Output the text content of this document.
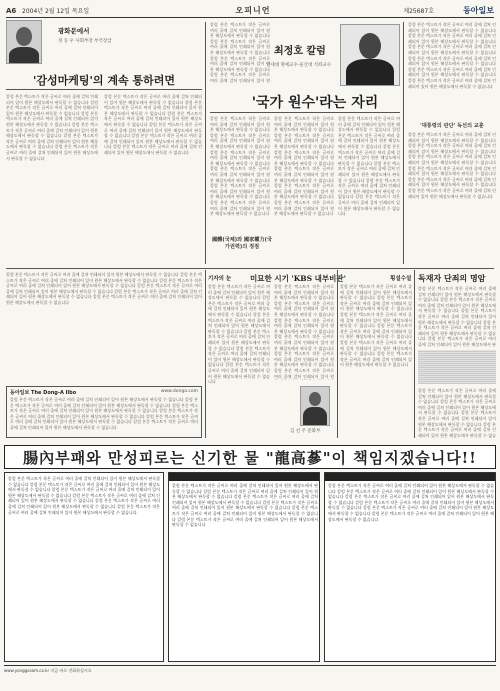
A6 2004년 2월 12일 목요일	오피니언	제25687호	동아일보
광화문에서
정 동 우 사회부장 부국장급
'감성마케팅'의 계속 통하려면
칼럼 본문 텍스트가 작은 글씨로 여러 줄에 걸쳐 인쇄되어 있어 원본 해상도에서 판독할 수 없습니다 칼럼 본문 텍스트가 작은 글씨로 여러 줄에 걸쳐 인쇄되어 있어 원본 해상도에서 판독할 수 없습니다 칼럼 본문 텍스트가 작은 글씨로 여러 줄에 걸쳐 인쇄되어 있어 원본 해상도에서 판독할 수 없습니다 칼럼 본문 텍스트가 작은 글씨로 여러 줄에 걸쳐 인쇄되어 있어 원본 해상도에서 판독할 수 없습니다 칼럼 본문 텍스트가 작은 글씨로 여러 줄에 걸쳐 인쇄되어 있어 원본 해상도에서 판독할 수 없습니다 칼럼 본문 텍스트가 작은 글씨로 여러 줄에 걸쳐 인쇄되어 있어 원본 해상도에서 판독할 수 없습니다
칼럼 본문 텍스트가 작은 글씨로 여러 줄에 걸쳐 인쇄되어 있어 원본 해상도에서 판독할 수 없습니다 칼럼 본문 텍스트가 작은 글씨로 여러 줄에 걸쳐 인쇄되어 있어 원본 해상도에서 판독할 수 없습니다 칼럼 본문 텍스트가 작은 글씨로 여러 줄에 걸쳐 인쇄되어 있어 원본 해상도에서 판독할 수 없습니다 칼럼 본문 텍스트가 작은 글씨로 여러 줄에 걸쳐 인쇄되어 있어 원본 해상도에서 판독할 수 없습니다 칼럼 본문 텍스트가 작은 글씨로 여러 줄에 걸쳐 인쇄되어 있어 원본 해상도에서 판독할 수 없습니다 칼럼 본문 텍스트가 작은 글씨로 여러 줄에 걸쳐 인쇄되어 있어 원본 해상도에서 판독할 수 없습니다
칼럼 본문 텍스트가 작은 글씨로 여러 줄에 걸쳐 인쇄되어 있어 원본 해상도에서 판독할 수 없습니다 칼럼 본문 텍스트가 작은 글씨로 여러 줄에 걸쳐 인쇄되어 있어 원본 해상도에서 판독할 수 없습니다 칼럼 본문 텍스트가 작은 글씨로 여러 줄에 걸쳐 인쇄되어 있어 원본 해상도에서 판독할 수 없습니다 칼럼 본문 텍스트가 작은 글씨로 여러 줄에 걸쳐 인쇄되어 있어 원
최정호 칼럼
연세대 명예교수·울산대 석좌교수
'국가 원수'라는 자리
칼럼 본문 텍스트가 작은 글씨로 여러 줄에 걸쳐 인쇄되어 있어 원본 해상도에서 판독할 수 없습니다 칼럼 본문 텍스트가 작은 글씨로 여러 줄에 걸쳐 인쇄되어 있어 원본 해상도에서 판독할 수 없습니다 칼럼 본문 텍스트가 작은 글씨로 여러 줄에 걸쳐 인쇄되어 있어 원본 해상도에서 판독할 수 없습니다 칼럼 본문 텍스트가 작은 글씨로 여러 줄에 걸쳐 인쇄되어 있어 원본 해상도에서 판독할 수 없습니다 칼럼 본문 텍스트가 작은 글씨로 여러 줄에 걸쳐 인쇄되어 있어 원본 해상도에서 판독할 수 없습니다 칼럼 본문 텍스트가 작은 글씨로 여러 줄에 걸쳐 인쇄되어 있어 원본 해상도에서 판독할 수 없습니다
칼럼 본문 텍스트가 작은 글씨로 여러 줄에 걸쳐 인쇄되어 있어 원본 해상도에서 판독할 수 없습니다 칼럼 본문 텍스트가 작은 글씨로 여러 줄에 걸쳐 인쇄되어 있어 원본 해상도에서 판독할 수 없습니다 칼럼 본문 텍스트가 작은 글씨로 여러 줄에 걸쳐 인쇄되어 있어 원본 해상도에서 판독할 수 없습니다 칼럼 본문 텍스트가 작은 글씨로 여러 줄에 걸쳐 인쇄되어 있어 원본 해상도에서 판독할 수 없습니다 칼럼 본문 텍스트가 작은 글씨로 여러 줄에 걸쳐 인쇄되어 있어 원본 해상도에서 판독할 수 없습니다 칼럼 본문 텍스트가 작은 글씨로 여러 줄에 걸쳐 인쇄되어 있어 원본 해상도에서 판독할 수 없습니다
칼럼 본문 텍스트가 작은 글씨로 여러 줄에 걸쳐 인쇄되어 있어 원본 해상도에서 판독할 수 없습니다 칼럼 본문 텍스트가 작은 글씨로 여러 줄에 걸쳐 인쇄되어 있어 원본 해상도에서 판독할 수 없습니다 칼럼 본문 텍스트가 작은 글씨로 여러 줄에 걸쳐 인쇄되어 있어 원본 해상도에서 판독할 수 없습니다 칼럼 본문 텍스트가 작은 글씨로 여러 줄에 걸쳐 인쇄되어 있어 원본 해상도에서 판독할 수 없습니다 칼럼 본문 텍스트가 작은 글씨로 여러 줄에 걸쳐 인쇄되어 있어 원본 해상도에서 판독할 수 없습니다 칼럼 본문 텍스트가 작은 글씨로 여러 줄에 걸쳐 인쇄되어 있어 원본 해상도에서 판독할 수 없습니다
國體(국체)와 國家權力(국가권력)의 정점
칼럼 본문 텍스트가 작은 글씨로 여러 줄에 걸쳐 인쇄되어 있어 원본 해상도에서 판독할 수 없습니다 칼럼 본문 텍스트가 작은 글씨로 여러 줄에 걸쳐 인쇄되어 있어 원본 해상도에서 판독할 수 없습니다 칼럼 본문 텍스트가 작은 글씨로 여러 줄에 걸쳐 인쇄되어 있어 원본 해상도에서 판독할 수 없습니다 칼럼 본문 텍스트가 작은 글씨로 여러 줄에 걸쳐 인쇄되어 있어 원본 해상도에서 판독할 수 없습니다 칼럼 본문 텍스트가 작은 글씨로 여러 줄에 걸쳐 인쇄되어 있어 원본 해상도에서 판독할 수 없습니다 칼럼 본문 텍스트가 작은 글씨로 여러 줄에 걸쳐 인쇄되어 있어 원본 해상도에서 판독할 수 없습니다
'대통령의 판단' 독선의 교훈
칼럼 본문 텍스트가 작은 글씨로 여러 줄에 걸쳐 인쇄되어 있어 원본 해상도에서 판독할 수 없습니다 칼럼 본문 텍스트가 작은 글씨로 여러 줄에 걸쳐 인쇄되어 있어 원본 해상도에서 판독할 수 없습니다 칼럼 본문 텍스트가 작은 글씨로 여러 줄에 걸쳐 인쇄되어 있어 원본 해상도에서 판독할 수 없습니다 칼럼 본문 텍스트가 작은 글씨로 여러 줄에 걸쳐 인쇄되어 있어 원본 해상도에서 판독할 수 없습니다 칼럼 본문 텍스트가 작은 글씨로 여러 줄에 걸쳐 인쇄되어 있어 원본 해상도에서 판독할 수 없습니다 칼럼 본문 텍스트가 작은 글씨로 여러 줄에 걸쳐 인쇄되어 있어 원본 해상도에서 판독할 수 없습니다
동아일보 The Dong-A Ilbo	www.donga.com
칼럼 본문 텍스트가 작은 글씨로 여러 줄에 걸쳐 인쇄되어 있어 원본 해상도에서 판독할 수 없습니다 칼럼 본문 텍스트가 작은 글씨로 여러 줄에 걸쳐 인쇄되어 있어 원본 해상도에서 판독할 수 없습니다 칼럼 본문 텍스트가 작은 글씨로 여러 줄에 걸쳐 인쇄되어 있어 원본 해상도에서 판독할 수 없습니다 칼럼 본문 텍스트가 작은 글씨로 여러 줄에 걸쳐 인쇄되어 있어 원본 해상도에서 판독할 수 없습니다 칼럼 본문 텍스트가 작은 글씨로 여러 줄에 걸쳐 인쇄되어 있어 원본 해상도에서 판독할 수 없습니다 칼럼 본문 텍스트가 작은 글씨로 여러 줄에 걸쳐 인쇄되어 있어 원본 해상도에서 판독할 수 없습니다
칼럼 본문 텍스트가 작은 글씨로 여러 줄에 걸쳐 인쇄되어 있어 원본 해상도에서 판독할 수 없습니다 칼럼 본문 텍스트가 작은 글씨로 여러 줄에 걸쳐 인쇄되어 있어 원본 해상도에서 판독할 수 없습니다 칼럼 본문 텍스트가 작은 글씨로 여러 줄에 걸쳐 인쇄되어 있어 원본 해상도에서 판독할 수 없습니다 칼럼 본문 텍스트가 작은 글씨로 여러 줄에 걸쳐 인쇄되어 있어 원본 해상도에서 판독할 수 없습니다 칼럼 본문 텍스트가 작은 글씨로 여러 줄에 걸쳐 인쇄되어 있어 원본 해상도에서 판독할 수 없습니다 칼럼 본문 텍스트가 작은 글씨로 여러 줄에 걸쳐 인쇄되어 있어 원본 해상도에서 판독할 수 없습니다
기자의 눈	미묘한 시기 'KBS 내부비판'
칼럼 본문 텍스트가 작은 글씨로 여러 줄에 걸쳐 인쇄되어 있어 원본 해상도에서 판독할 수 없습니다 칼럼 본문 텍스트가 작은 글씨로 여러 줄에 걸쳐 인쇄되어 있어 원본 해상도에서 판독할 수 없습니다 칼럼 본문 텍스트가 작은 글씨로 여러 줄에 걸쳐 인쇄되어 있어 원본 해상도에서 판독할 수 없습니다 칼럼 본문 텍스트가 작은 글씨로 여러 줄에 걸쳐 인쇄되어 있어 원본 해상도에서 판독할 수 없습니다 칼럼 본문 텍스트가 작은 글씨로 여러 줄에 걸쳐 인쇄되어 있어 원본 해상도에서 판독할 수 없습니다 칼럼 본문 텍스트가 작은 글씨로 여러 줄에 걸쳐 인쇄되어 있어 원본 해상도에서 판독할 수 없습니다
칼럼 본문 텍스트가 작은 글씨로 여러 줄에 걸쳐 인쇄되어 있어 원본 해상도에서 판독할 수 없습니다 칼럼 본문 텍스트가 작은 글씨로 여러 줄에 걸쳐 인쇄되어 있어 원본 해상도에서 판독할 수 없습니다 칼럼 본문 텍스트가 작은 글씨로 여러 줄에 걸쳐 인쇄되어 있어 원본 해상도에서 판독할 수 없습니다 칼럼 본문 텍스트가 작은 글씨로 여러 줄에 걸쳐 인쇄되어 있어 원본 해상도에서 판독할 수 없습니다 칼럼 본문 텍스트가 작은 글씨로 여러 줄에 걸쳐 인쇄되어 있어 원본 해상도에서 판독할 수 없습니다 칼럼 본문 텍스트가 작은 글씨로 여러 줄에 걸쳐 인쇄되어 있어 원
김 선 주 문화부
횡설수설
칼럼 본문 텍스트가 작은 글씨로 여러 줄에 걸쳐 인쇄되어 있어 원본 해상도에서 판독할 수 없습니다 칼럼 본문 텍스트가 작은 글씨로 여러 줄에 걸쳐 인쇄되어 있어 원본 해상도에서 판독할 수 없습니다 칼럼 본문 텍스트가 작은 글씨로 여러 줄에 걸쳐 인쇄되어 있어 원본 해상도에서 판독할 수 없습니다 칼럼 본문 텍스트가 작은 글씨로 여러 줄에 걸쳐 인쇄되어 있어 원본 해상도에서 판독할 수 없습니다 칼럼 본문 텍스트가 작은 글씨로 여러 줄에 걸쳐 인쇄되어 있어 원본 해상도에서 판독할 수 없습니다 칼럼 본문 텍스트가 작은 글씨로 여러 줄에 걸쳐 인쇄되어 있어 원본 해상도에서 판독할 수 없습니다
독재자 단죄의 명암
칼럼 본문 텍스트가 작은 글씨로 여러 줄에 걸쳐 인쇄되어 있어 원본 해상도에서 판독할 수 없습니다 칼럼 본문 텍스트가 작은 글씨로 여러 줄에 걸쳐 인쇄되어 있어 원본 해상도에서 판독할 수 없습니다 칼럼 본문 텍스트가 작은 글씨로 여러 줄에 걸쳐 인쇄되어 있어 원본 해상도에서 판독할 수 없습니다 칼럼 본문 텍스트가 작은 글씨로 여러 줄에 걸쳐 인쇄되어 있어 원본 해상도에서 판독할 수 없습니다 칼럼 본문 텍스트가 작은 글씨로 여러 줄에 걸쳐 인쇄되어 있어 원본 해상도에서 판
칼럼 본문 텍스트가 작은 글씨로 여러 줄에 걸쳐 인쇄되어 있어 원본 해상도에서 판독할 수 없습니다 칼럼 본문 텍스트가 작은 글씨로 여러 줄에 걸쳐 인쇄되어 있어 원본 해상도에서 판독할 수 없습니다 칼럼 본문 텍스트가 작은 글씨로 여러 줄에 걸쳐 인쇄되어 있어 원본 해상도에서 판독할 수 없습니다 칼럼 본문 텍스트가 작은 글씨로 여러 줄에 걸쳐 인쇄되어 있어 원본 해상도에서 판독할 수 없습
腸內부패와 만성피로는 신기한 물 "龍高蔘"이 책임지겠습니다!!
칼럼 본문 텍스트가 작은 글씨로 여러 줄에 걸쳐 인쇄되어 있어 원본 해상도에서 판독할 수 없습니다 칼럼 본문 텍스트가 작은 글씨로 여러 줄에 걸쳐 인쇄되어 있어 원본 해상도에서 판독할 수 없습니다 칼럼 본문 텍스트가 작은 글씨로 여러 줄에 걸쳐 인쇄되어 있어 원본 해상도에서 판독할 수 없습니다 칼럼 본문 텍스트가 작은 글씨로 여러 줄에 걸쳐 인쇄되어 있어 원본 해상도에서 판독할 수 없습니다 칼럼 본문 텍스트가 작은 글씨로 여러 줄에 걸쳐 인쇄되어 있어 원본 해상도에서 판독할 수 없습니다 칼럼 본문 텍스트가 작은 글씨로 여러 줄에 걸쳐 인쇄되어 있어 원본 해상도에서 판독할 수 없습니다
칼럼 본문 텍스트가 작은 글씨로 여러 줄에 걸쳐 인쇄되어 있어 원본 해상도에서 판독할 수 없습니다 칼럼 본문 텍스트가 작은 글씨로 여러 줄에 걸쳐 인쇄되어 있어 원본 해상도에서 판독할 수 없습니다 칼럼 본문 텍스트가 작은 글씨로 여러 줄에 걸쳐 인쇄되어 있어 원본 해상도에서 판독할 수 없습니다 칼럼 본문 텍스트가 작은 글씨로 여러 줄에 걸쳐 인쇄되어 있어 원본 해상도에서 판독할 수 없습니다 칼럼 본문 텍스트가 작은 글씨로 여러 줄에 걸쳐 인쇄되어 있어 원본 해상도에서 판독할 수 없습니다 칼럼 본문 텍스트가 작은 글씨로 여러 줄에 걸쳐 인쇄되어 있어 원본 해상도에서 판독할 수 없습니다
칼럼 본문 텍스트가 작은 글씨로 여러 줄에 걸쳐 인쇄되어 있어 원본 해상도에서 판독할 수 없습니다 칼럼 본문 텍스트가 작은 글씨로 여러 줄에 걸쳐 인쇄되어 있어 원본 해상도에서 판독할 수 없습니다 칼럼 본문 텍스트가 작은 글씨로 여러 줄에 걸쳐 인쇄되어 있어 원본 해상도에서 판독할 수 없습니다 칼럼 본문 텍스트가 작은 글씨로 여러 줄에 걸쳐 인쇄되어 있어 원본 해상도에서 판독할 수 없습니다 칼럼 본문 텍스트가 작은 글씨로 여러 줄에 걸쳐 인쇄되어 있어 원본 해상도에서 판독할 수 없습니다 칼럼 본문 텍스트가 작은 글씨로 여러 줄에 걸쳐 인쇄되어 있어 원본 해상도에서 판독할 수 없습니다
www.yonggosam.co.kr 지금 바로 전화하십시오
